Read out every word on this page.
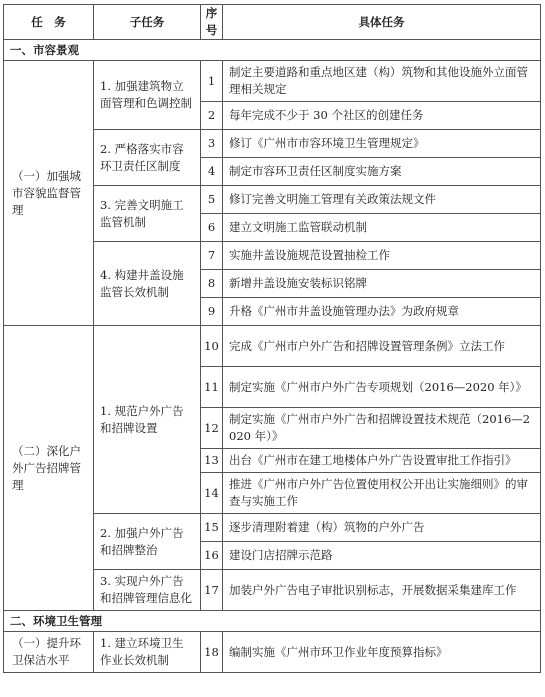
任　务	子任务	序号	具体任务
一、市容景观			
（一）加强城市容貌监督管理	1. 加强建筑物立面管理和色调控制	1	制定主要道路和重点地区建（构）筑物和其他设施外立面管理相关规定
		2	每年完成不少于 30 个社区的创建任务
	2. 严格落实市容环卫责任区制度	3	修订《广州市市容环境卫生管理规定》
		4	制定市容环卫责任区制度实施方案
	3. 完善文明施工监管机制	5	修订完善文明施工管理有关政策法规文件
		6	建立文明施工监管联动机制
	4. 构建井盖设施监管长效机制	7	实施井盖设施规范设置抽检工作
		8	新增井盖设施安装标识铭牌
		9	升格《广州市井盖设施管理办法》为政府规章
（二）深化户外广告招牌管理	1. 规范户外广告和招牌设置	10	完成《广州市户外广告和招牌设置管理条例》立法工作
		11	制定实施《广州市户外广告专项规划（2016—2020 年）》
		12	制定实施《广州市户外广告和招牌设置技术规范（2016—2020 年）》
		13	出台《广州市在建工地楼体户外广告设置审批工作指引》
		14	推进《广州市户外广告位置使用权公开出让实施细则》的审查与实施工作
	2. 加强户外广告和招牌整治	15	逐步清理附着建（构）筑物的户外广告
		16	建设门店招牌示范路
	3. 实现户外广告和招牌管理信息化	17	加装户外广告电子审批识别标志，开展数据采集建库工作
二、环境卫生管理			
（一）提升环卫保洁水平	1. 建立环境卫生作业长效机制	18	编制实施《广州市环卫作业年度预算指标》
